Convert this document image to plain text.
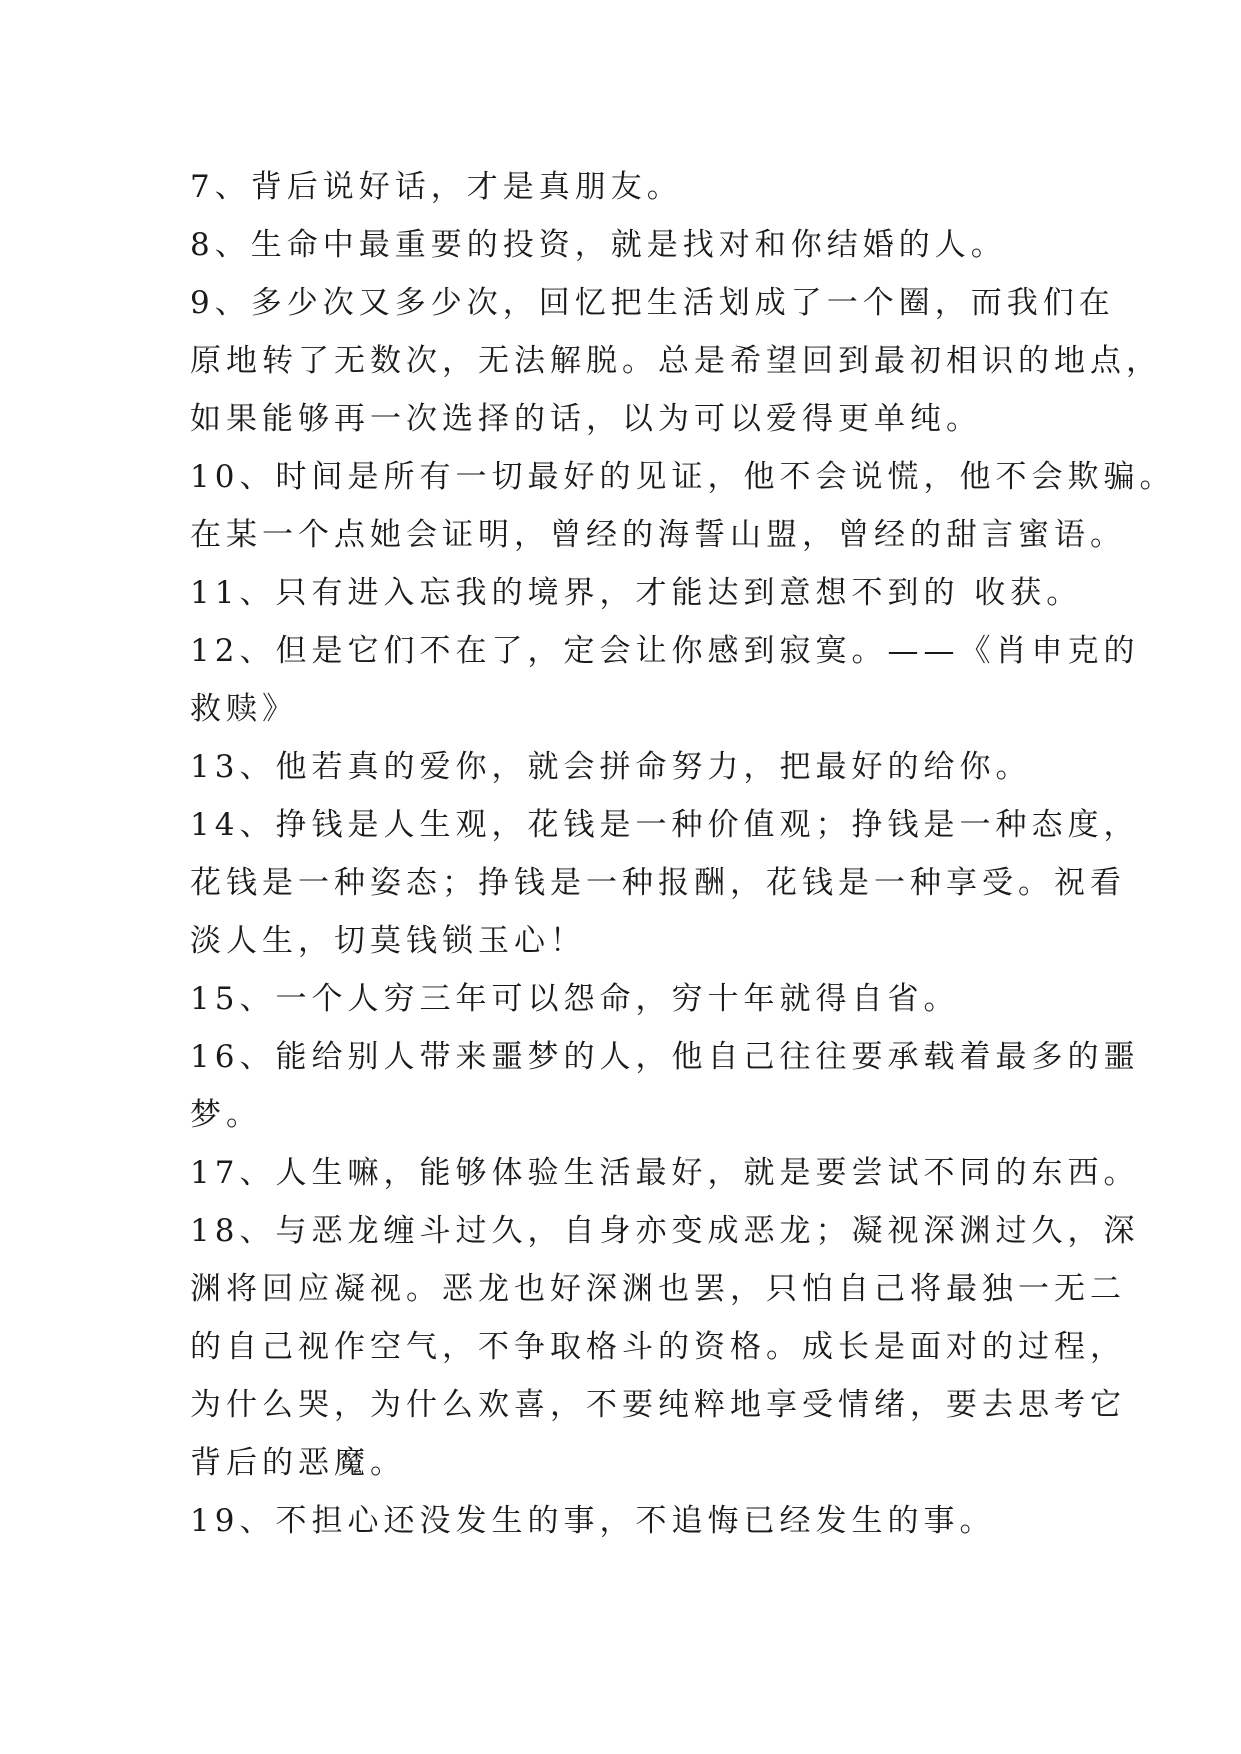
7、背后说好话，才是真朋友。

8、生命中最重要的投资，就是找对和你结婚的人。

9、多少次又多少次，回忆把生活划成了一个圈，而我们在
原地转了无数次，无法解脱。总是希望回到最初相识的地点，
如果能够再一次选择的话，以为可以爱得更单纯。

10、时间是所有一切最好的见证，他不会说慌，他不会欺骗。
在某一个点她会证明，曾经的海誓山盟，曾经的甜言蜜语。

11、只有进入忘我的境界，才能达到意想不到的 收获。

12、但是它们不在了，定会让你感到寂寞。——《肖申克的
救赎》

13、他若真的爱你，就会拼命努力，把最好的给你。

14、挣钱是人生观，花钱是一种价值观；挣钱是一种态度，
花钱是一种姿态；挣钱是一种报酬，花钱是一种享受。祝看
淡人生，切莫钱锁玉心！

15、一个人穷三年可以怨命，穷十年就得自省。

16、能给别人带来噩梦的人，他自己往往要承载着最多的噩
梦。

17、人生嘛，能够体验生活最好，就是要尝试不同的东西。

18、与恶龙缠斗过久，自身亦变成恶龙；凝视深渊过久，深
渊将回应凝视。恶龙也好深渊也罢，只怕自己将最独一无二
的自己视作空气，不争取格斗的资格。成长是面对的过程，
为什么哭，为什么欢喜，不要纯粹地享受情绪，要去思考它
背后的恶魔。

19、不担心还没发生的事，不追悔已经发生的事。
